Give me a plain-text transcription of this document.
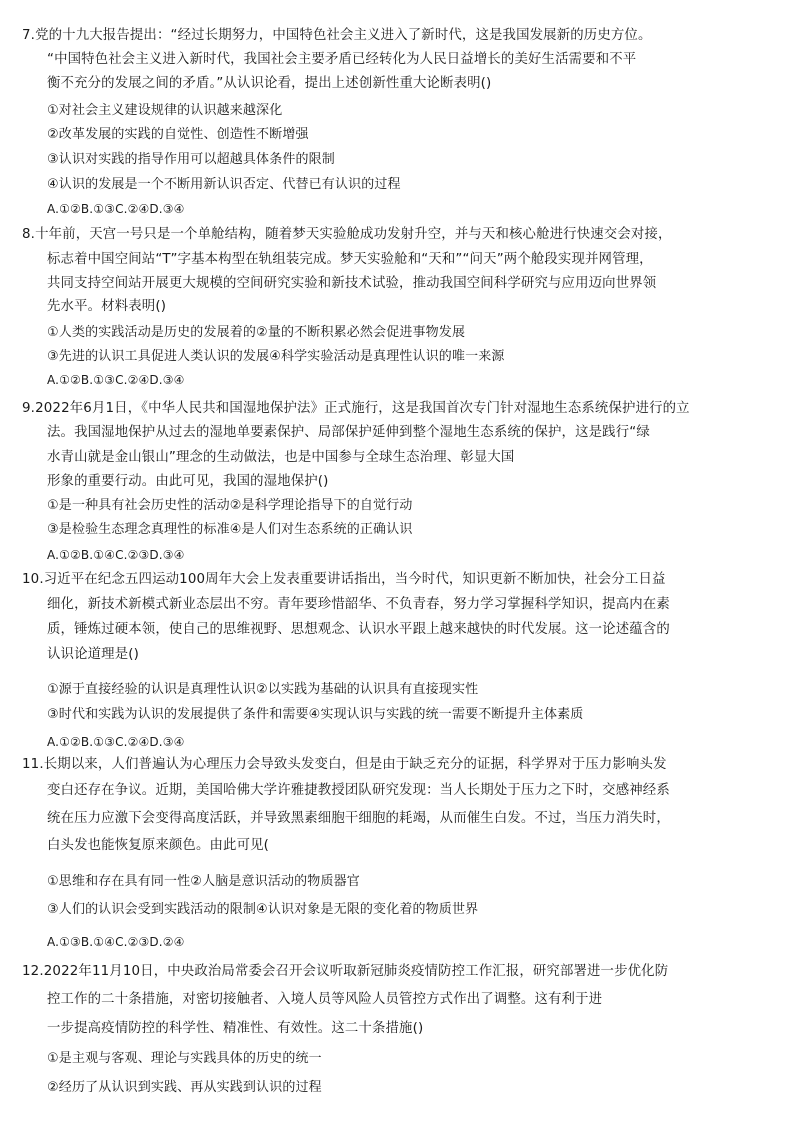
7.党的十九大报告提出：“经过长期努力，中国特色社会主义进入了新时代，这是我国发展新的历史方位。
“中国特色社会主义进入新时代，我国社会主要矛盾已经转化为人民日益增长的美好生活需要和不平
衡不充分的发展之间的矛盾。”从认识论看，提出上述创新性重大论断表明()
①对社会主义建设规律的认识越来越深化
②改革发展的实践的自觉性、创造性不断增强
③认识对实践的指导作用可以超越具体条件的限制
④认识的发展是一个不断用新认识否定、代替已有认识的过程
A.①②B.①③C.②④D.③④
8.十年前，天宫一号只是一个单舱结构，随着梦天实验舱成功发射升空，并与天和核心舱进行快速交会对接，
标志着中国空间站“T”字基本构型在轨组装完成。梦天实验舱和“天和”“问天”两个舱段实现并网管理，
共同支持空间站开展更大规模的空间研究实验和新技术试验，推动我国空间科学研究与应用迈向世界领
先水平。材料表明()
①人类的实践活动是历史的发展着的②量的不断积累必然会促进事物发展
③先进的认识工具促进人类认识的发展④科学实验活动是真理性认识的唯一来源
A.①②B.①③C.②④D.③④
9.2022年6月1日，《中华人民共和国湿地保护法》正式施行，这是我国首次专门针对湿地生态系统保护进行的立
法。我国湿地保护从过去的湿地单要素保护、局部保护延伸到整个湿地生态系统的保护，这是践行“绿
水青山就是金山银山”理念的生动做法，也是中国参与全球生态治理、彰显大国
形象的重要行动。由此可见，我国的湿地保护()
①是一种具有社会历史性的活动②是科学理论指导下的自觉行动
③是检验生态理念真理性的标准④是人们对生态系统的正确认识
A.①②B.①④C.②③D.③④
10.习近平在纪念五四运动100周年大会上发表重要讲话指出，当今时代，知识更新不断加快，社会分工日益
细化，新技术新模式新业态层出不穷。青年要珍惜韶华、不负青春，努力学习掌握科学知识，提高内在素
质，锤炼过硬本领，使自己的思维视野、思想观念、认识水平跟上越来越快的时代发展。这一论述蕴含的
认识论道理是()
①源于直接经验的认识是真理性认识②以实践为基础的认识具有直接现实性
③时代和实践为认识的发展提供了条件和需要④实现认识与实践的统一需要不断提升主体素质
A.①②B.①③C.②④D.③④
11.长期以来，人们普遍认为心理压力会导致头发变白，但是由于缺乏充分的证据，科学界对于压力影响头发
变白还存在争议。近期，美国哈佛大学许雅捷教授团队研究发现：当人长期处于压力之下时，交感神经系
统在压力应激下会变得高度活跃，并导致黑素细胞干细胞的耗竭，从而催生白发。不过，当压力消失时，
白头发也能恢复原来颜色。由此可见(
①思维和存在具有同一性②人脑是意识活动的物质器官
③人们的认识会受到实践活动的限制④认识对象是无限的变化着的物质世界
A.①③B.①④C.②③D.②④
12.2022年11月10日，中央政治局常委会召开会议听取新冠肺炎疫情防控工作汇报，研究部署进一步优化防
控工作的二十条措施，对密切接触者、入境人员等风险人员管控方式作出了调整。这有利于进
一步提高疫情防控的科学性、精准性、有效性。这二十条措施()
①是主观与客观、理论与实践具体的历史的统一
②经历了从认识到实践、再从实践到认识的过程
